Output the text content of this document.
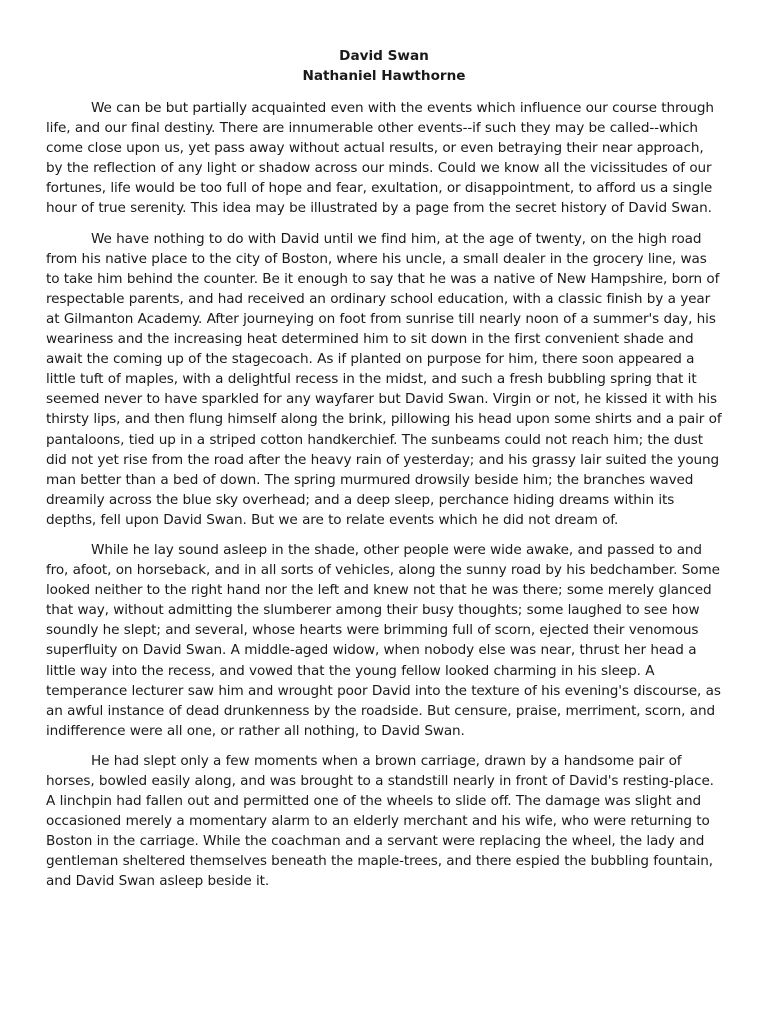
David Swan
Nathaniel Hawthorne

We can be but partially acquainted even with the events which influence our course through life, and our final destiny. There are innumerable other events--if such they may be called--which come close upon us, yet pass away without actual results, or even betraying their near approach, by the reflection of any light or shadow across our minds. Could we know all the vicissitudes of our fortunes, life would be too full of hope and fear, exultation, or disappointment, to afford us a single hour of true serenity. This idea may be illustrated by a page from the secret history of David Swan.

We have nothing to do with David until we find him, at the age of twenty, on the high road from his native place to the city of Boston, where his uncle, a small dealer in the grocery line, was to take him behind the counter. Be it enough to say that he was a native of New Hampshire, born of respectable parents, and had received an ordinary school education, with a classic finish by a year at Gilmanton Academy. After journeying on foot from sunrise till nearly noon of a summer's day, his weariness and the increasing heat determined him to sit down in the first convenient shade and await the coming up of the stagecoach. As if planted on purpose for him, there soon appeared a little tuft of maples, with a delightful recess in the midst, and such a fresh bubbling spring that it seemed never to have sparkled for any wayfarer but David Swan. Virgin or not, he kissed it with his thirsty lips, and then flung himself along the brink, pillowing his head upon some shirts and a pair of pantaloons, tied up in a striped cotton handkerchief. The sunbeams could not reach him; the dust did not yet rise from the road after the heavy rain of yesterday; and his grassy lair suited the young man better than a bed of down. The spring murmured drowsily beside him; the branches waved dreamily across the blue sky overhead; and a deep sleep, perchance hiding dreams within its depths, fell upon David Swan. But we are to relate events which he did not dream of.

While he lay sound asleep in the shade, other people were wide awake, and passed to and fro, afoot, on horseback, and in all sorts of vehicles, along the sunny road by his bedchamber. Some looked neither to the right hand nor the left and knew not that he was there; some merely glanced that way, without admitting the slumberer among their busy thoughts; some laughed to see how soundly he slept; and several, whose hearts were brimming full of scorn, ejected their venomous superfluity on David Swan. A middle-aged widow, when nobody else was near, thrust her head a little way into the recess, and vowed that the young fellow looked charming in his sleep. A temperance lecturer saw him and wrought poor David into the texture of his evening's discourse, as an awful instance of dead drunkenness by the roadside. But censure, praise, merriment, scorn, and indifference were all one, or rather all nothing, to David Swan.

He had slept only a few moments when a brown carriage, drawn by a handsome pair of horses, bowled easily along, and was brought to a standstill nearly in front of David's resting-place. A linchpin had fallen out and permitted one of the wheels to slide off. The damage was slight and occasioned merely a momentary alarm to an elderly merchant and his wife, who were returning to Boston in the carriage. While the coachman and a servant were replacing the wheel, the lady and gentleman sheltered themselves beneath the maple-trees, and there espied the bubbling fountain, and David Swan asleep beside it.
